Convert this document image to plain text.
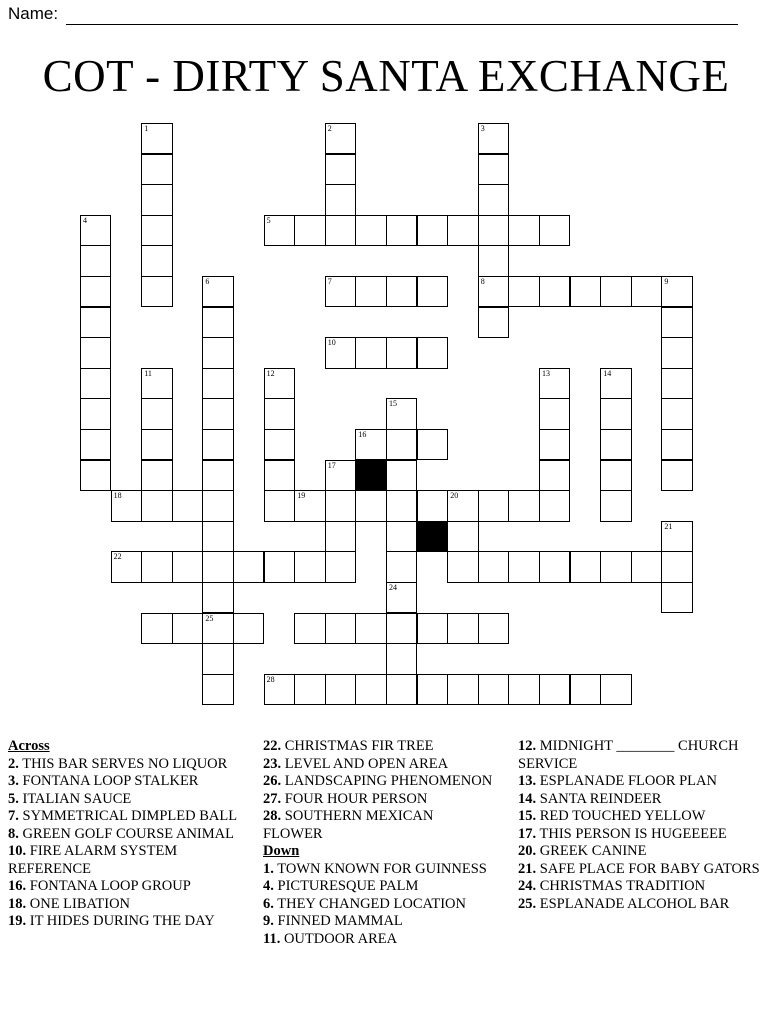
Name:
COT - DIRTY SANTA EXCHANGE
1	2	3
8
4	5
6	7	9
10
11	12	13	14
15
16
17
18	19	20
21
22
24
25
28

Across

2. THIS BAR SERVES NO LIQUOR

3. FONTANA LOOP STALKER

5. ITALIAN SAUCE

7. SYMMETRICAL DIMPLED BALL

8. GREEN GOLF COURSE ANIMAL

10. FIRE ALARM SYSTEM REFERENCE

16. FONTANA LOOP GROUP

18. ONE LIBATION

19. IT HIDES DURING THE DAY

22. CHRISTMAS FIR TREE

23. LEVEL AND OPEN AREA

26. LANDSCAPING PHENOMENON

27. FOUR HOUR PERSON

28. SOUTHERN MEXICAN FLOWER

Down

1. TOWN KNOWN FOR GUINNESS

4. PICTURESQUE PALM

6. THEY CHANGED LOCATION

9. FINNED MAMMAL

11. OUTDOOR AREA

12. MIDNIGHT ________ CHURCH SERVICE

13. ESPLANADE FLOOR PLAN

14. SANTA REINDEER

15. RED TOUCHED YELLOW

17. THIS PERSON IS HUGEEEEE

20. GREEK CANINE

21. SAFE PLACE FOR BABY GATORS

24. CHRISTMAS TRADITION

25. ESPLANADE ALCOHOL BAR
